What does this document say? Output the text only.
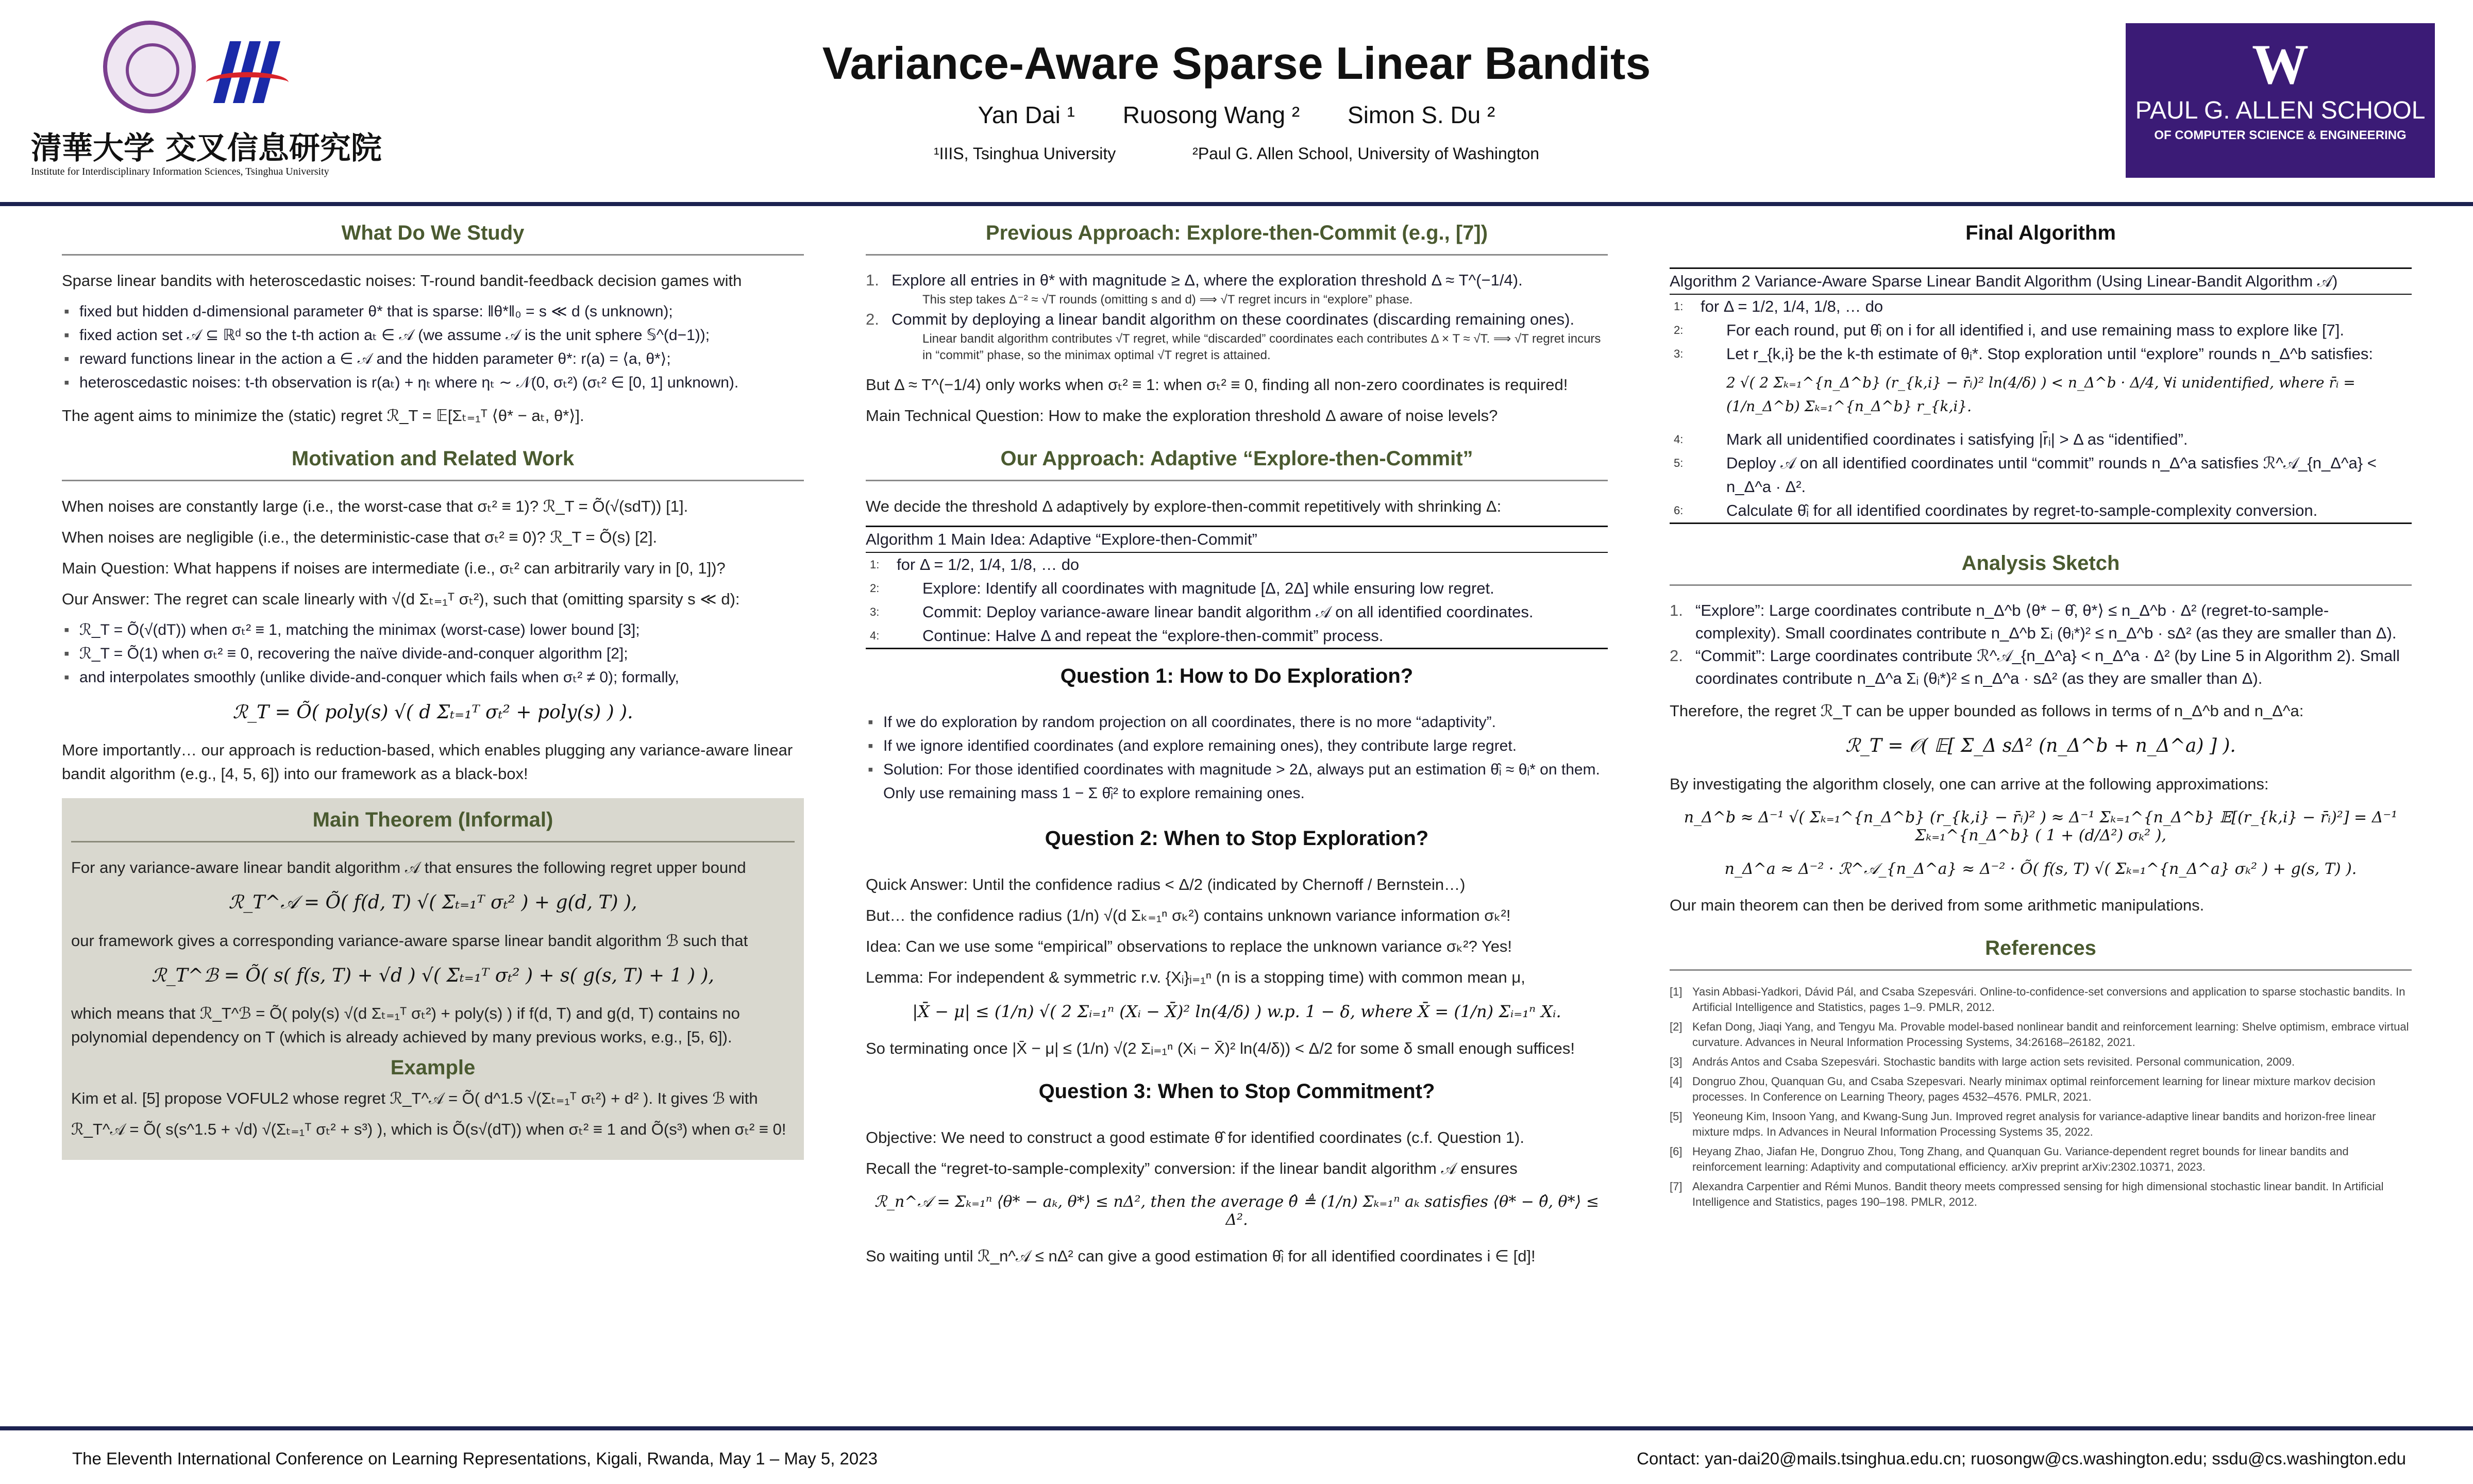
清華大学 交叉信息研究院
Institute for Interdisciplinary Information Sciences, Tsinghua University
Variance-Aware Sparse Linear Bandits
Yan Dai ¹ Ruosong Wang ² Simon S. Du ²
¹IIIS, Tsinghua University	²Paul G. Allen School, University of Washington
W
PAUL G. ALLEN SCHOOL
OF COMPUTER SCIENCE & ENGINEERING
What Do We Study
Sparse linear bandits with heteroscedastic noises: T-round bandit-feedback decision games with
▪ fixed but hidden d-dimensional parameter θ* that is sparse: ‖θ*‖₀ = s ≪ d (s unknown);
▪ fixed action set 𝒜 ⊆ ℝᵈ so the t-th action aₜ ∈ 𝒜 (we assume 𝒜 is the unit sphere 𝕊^(d−1));
▪ reward functions linear in the action a ∈ 𝒜 and the hidden parameter θ*: r(a) = ⟨a, θ*⟩;
▪ heteroscedastic noises: t-th observation is r(aₜ) + ηₜ where ηₜ ∼ 𝒩(0, σₜ²) (σₜ² ∈ [0, 1] unknown).
The agent aims to minimize the (static) regret ℛ_T = 𝔼[Σₜ₌₁ᵀ ⟨θ* − aₜ, θ*⟩].
Motivation and Related Work
When noises are constantly large (i.e., the worst-case that σₜ² ≡ 1)? ℛ_T = Õ(√(sdT)) [1].
When noises are negligible (i.e., the deterministic-case that σₜ² ≡ 0)? ℛ_T = Õ(s) [2].
Main Question: What happens if noises are intermediate (i.e., σₜ² can arbitrarily vary in [0, 1])?
Our Answer: The regret can scale linearly with √(d Σₜ₌₁ᵀ σₜ²), such that (omitting sparsity s ≪ d):
▪ ℛ_T = Õ(√(dT)) when σₜ² ≡ 1, matching the minimax (worst-case) lower bound [3];
▪ ℛ_T = Õ(1) when σₜ² ≡ 0, recovering the naïve divide-and-conquer algorithm [2];
▪ and interpolates smoothly (unlike divide-and-conquer which fails when σₜ² ≠ 0); formally,
ℛ_T = Õ( poly(s) √( d Σₜ₌₁ᵀ σₜ² + poly(s) ) ).
More importantly… our approach is reduction-based, which enables plugging any variance-aware linear bandit algorithm (e.g., [4, 5, 6]) into our framework as a black-box!
Main Theorem (Informal)
For any variance-aware linear bandit algorithm 𝒜 that ensures the following regret upper bound
ℛ_T^𝒜 = Õ( f(d, T) √( Σₜ₌₁ᵀ σₜ² ) + g(d, T) ),
our framework gives a corresponding variance-aware sparse linear bandit algorithm ℬ such that
ℛ_T^ℬ = Õ( s( f(s, T) + √d ) √( Σₜ₌₁ᵀ σₜ² ) + s( g(s, T) + 1 ) ),
which means that ℛ_T^ℬ = Õ( poly(s) √(d Σₜ₌₁ᵀ σₜ²) + poly(s) ) if f(d, T) and g(d, T) contains no polynomial dependency on T (which is already achieved by many previous works, e.g., [5, 6]).
Example
Kim et al. [5] propose VOFUL2 whose regret ℛ_T^𝒜 = Õ( d^1.5 √(Σₜ₌₁ᵀ σₜ²) + d² ). It gives ℬ with
ℛ_T^𝒜 = Õ( s(s^1.5 + √d) √(Σₜ₌₁ᵀ σₜ² + s³) ), which is Õ(s√(dT)) when σₜ² ≡ 1 and Õ(s³) when σₜ² ≡ 0!
Previous Approach: Explore-then-Commit (e.g., [7])
1. Explore all entries in θ* with magnitude ≥ Δ, where the exploration threshold Δ ≈ T^(−1/4).
This step takes Δ⁻² ≈ √T rounds (omitting s and d) ⟹ √T regret incurs in “explore” phase.
2. Commit by deploying a linear bandit algorithm on these coordinates (discarding remaining ones).
Linear bandit algorithm contributes √T regret, while “discarded” coordinates each contributes Δ × T ≈ √T. ⟹ √T regret incurs in “commit” phase, so the minimax optimal √T regret is attained.
But Δ ≈ T^(−1/4) only works when σₜ² ≡ 1: when σₜ² ≡ 0, finding all non-zero coordinates is required!
Main Technical Question: How to make the exploration threshold Δ aware of noise levels?
Our Approach: Adaptive “Explore-then-Commit”
We decide the threshold Δ adaptively by explore-then-commit repetitively with shrinking Δ:
Algorithm 1 Main Idea: Adaptive “Explore-then-Commit”
1: for Δ = 1/2, 1/4, 1/8, … do
2:	Explore: Identify all coordinates with magnitude [Δ, 2Δ] while ensuring low regret.
3:	Commit: Deploy variance-aware linear bandit algorithm 𝒜 on all identified coordinates.
4:	Continue: Halve Δ and repeat the “explore-then-commit” process.
Question 1: How to Do Exploration?
▪ If we do exploration by random projection on all coordinates, there is no more “adaptivity”.
▪ If we ignore identified coordinates (and explore remaining ones), they contribute large regret.
▪ Solution: For those identified coordinates with magnitude > 2Δ, always put an estimation θ̂ᵢ ≈ θᵢ* on them. Only use remaining mass 1 − Σ θ̂ᵢ² to explore remaining ones.
Question 2: When to Stop Exploration?
Quick Answer: Until the confidence radius < Δ/2 (indicated by Chernoff / Bernstein…)
But… the confidence radius (1/n) √(d Σₖ₌₁ⁿ σₖ²) contains unknown variance information σₖ²!
Idea: Can we use some “empirical” observations to replace the unknown variance σₖ²? Yes!
Lemma: For independent & symmetric r.v. {Xᵢ}ᵢ₌₁ⁿ (n is a stopping time) with common mean μ,
|X̄ − μ| ≤ (1/n) √( 2 Σᵢ₌₁ⁿ (Xᵢ − X̄)² ln(4/δ) ) w.p. 1 − δ, where X̄ = (1/n) Σᵢ₌₁ⁿ Xᵢ.
So terminating once |X̄ − μ| ≤ (1/n) √(2 Σᵢ₌₁ⁿ (Xᵢ − X̄)² ln(4/δ)) < Δ/2 for some δ small enough suffices!
Question 3: When to Stop Commitment?
Objective: We need to construct a good estimate θ̂ for identified coordinates (c.f. Question 1).
Recall the “regret-to-sample-complexity” conversion: if the linear bandit algorithm 𝒜 ensures
ℛ_n^𝒜 = Σₖ₌₁ⁿ ⟨θ* − aₖ, θ*⟩ ≤ nΔ², then the average θ̂ ≜ (1/n) Σₖ₌₁ⁿ aₖ satisfies ⟨θ* − θ̂, θ*⟩ ≤ Δ².
So waiting until ℛ_n^𝒜 ≤ nΔ² can give a good estimation θ̂ᵢ for all identified coordinates i ∈ [d]!
Final Algorithm
Algorithm 2 Variance-Aware Sparse Linear Bandit Algorithm (Using Linear-Bandit Algorithm 𝒜)
1: for Δ = 1/2, 1/4, 1/8, … do
2:	For each round, put θ̂ᵢ on i for all identified i, and use remaining mass to explore like [7].
3:	Let r_{k,i} be the k-th estimate of θᵢ*. Stop exploration until “explore” rounds n_Δ^b satisfies:
2 √( 2 Σₖ₌₁^{n_Δ^b} (r_{k,i} − r̄ᵢ)² ln(4/δ) ) < n_Δ^b · Δ/4, ∀i unidentified, where r̄ᵢ = (1/n_Δ^b) Σₖ₌₁^{n_Δ^b} r_{k,i}.
4:	Mark all unidentified coordinates i satisfying |r̄ᵢ| > Δ as “identified”.
5:	Deploy 𝒜 on all identified coordinates until “commit” rounds n_Δ^a satisfies ℛ^𝒜_{n_Δ^a} < n_Δ^a · Δ².
6:	Calculate θ̂ᵢ for all identified coordinates by regret-to-sample-complexity conversion.
Analysis Sketch
1. “Explore”: Large coordinates contribute n_Δ^b ⟨θ* − θ̂, θ*⟩ ≤ n_Δ^b · Δ² (regret-to-sample-complexity). Small coordinates contribute n_Δ^b Σᵢ (θᵢ*)² ≤ n_Δ^b · sΔ² (as they are smaller than Δ).
2. “Commit”: Large coordinates contribute ℛ^𝒜_{n_Δ^a} < n_Δ^a · Δ² (by Line 5 in Algorithm 2). Small coordinates contribute n_Δ^a Σᵢ (θᵢ*)² ≤ n_Δ^a · sΔ² (as they are smaller than Δ).
Therefore, the regret ℛ_T can be upper bounded as follows in terms of n_Δ^b and n_Δ^a:
ℛ_T = 𝒪( 𝔼[ Σ_Δ sΔ² (n_Δ^b + n_Δ^a) ] ).
By investigating the algorithm closely, one can arrive at the following approximations:
n_Δ^b ≈ Δ⁻¹ √( Σₖ₌₁^{n_Δ^b} (r_{k,i} − r̄ᵢ)² ) ≈ Δ⁻¹ Σₖ₌₁^{n_Δ^b} 𝔼[(r_{k,i} − r̄ᵢ)²] = Δ⁻¹ Σₖ₌₁^{n_Δ^b} ( 1 + (d/Δ²) σₖ² ),
n_Δ^a ≈ Δ⁻² · ℛ^𝒜_{n_Δ^a} ≈ Δ⁻² · Õ( f(s, T) √( Σₖ₌₁^{n_Δ^a} σₖ² ) + g(s, T) ).
Our main theorem can then be derived from some arithmetic manipulations.
References
[1] Yasin Abbasi-Yadkori, Dávid Pál, and Csaba Szepesvári. Online-to-confidence-set conversions and application to sparse stochastic bandits. In Artificial Intelligence and Statistics, pages 1–9. PMLR, 2012.
[2] Kefan Dong, Jiaqi Yang, and Tengyu Ma. Provable model-based nonlinear bandit and reinforcement learning: Shelve optimism, embrace virtual curvature. Advances in Neural Information Processing Systems, 34:26168–26182, 2021.
[3] András Antos and Csaba Szepesvári. Stochastic bandits with large action sets revisited. Personal communication, 2009.
[4] Dongruo Zhou, Quanquan Gu, and Csaba Szepesvari. Nearly minimax optimal reinforcement learning for linear mixture markov decision processes. In Conference on Learning Theory, pages 4532–4576. PMLR, 2021.
[5] Yeoneung Kim, Insoon Yang, and Kwang-Sung Jun. Improved regret analysis for variance-adaptive linear bandits and horizon-free linear mixture mdps. In Advances in Neural Information Processing Systems 35, 2022.
[6] Heyang Zhao, Jiafan He, Dongruo Zhou, Tong Zhang, and Quanquan Gu. Variance-dependent regret bounds for linear bandits and reinforcement learning: Adaptivity and computational efficiency. arXiv preprint arXiv:2302.10371, 2023.
[7] Alexandra Carpentier and Rémi Munos. Bandit theory meets compressed sensing for high dimensional stochastic linear bandit. In Artificial Intelligence and Statistics, pages 190–198. PMLR, 2012.
The Eleventh International Conference on Learning Representations, Kigali, Rwanda, May 1 – May 5, 2023	Contact: yan-dai20@mails.tsinghua.edu.cn; ruosongw@cs.washington.edu; ssdu@cs.washington.edu
